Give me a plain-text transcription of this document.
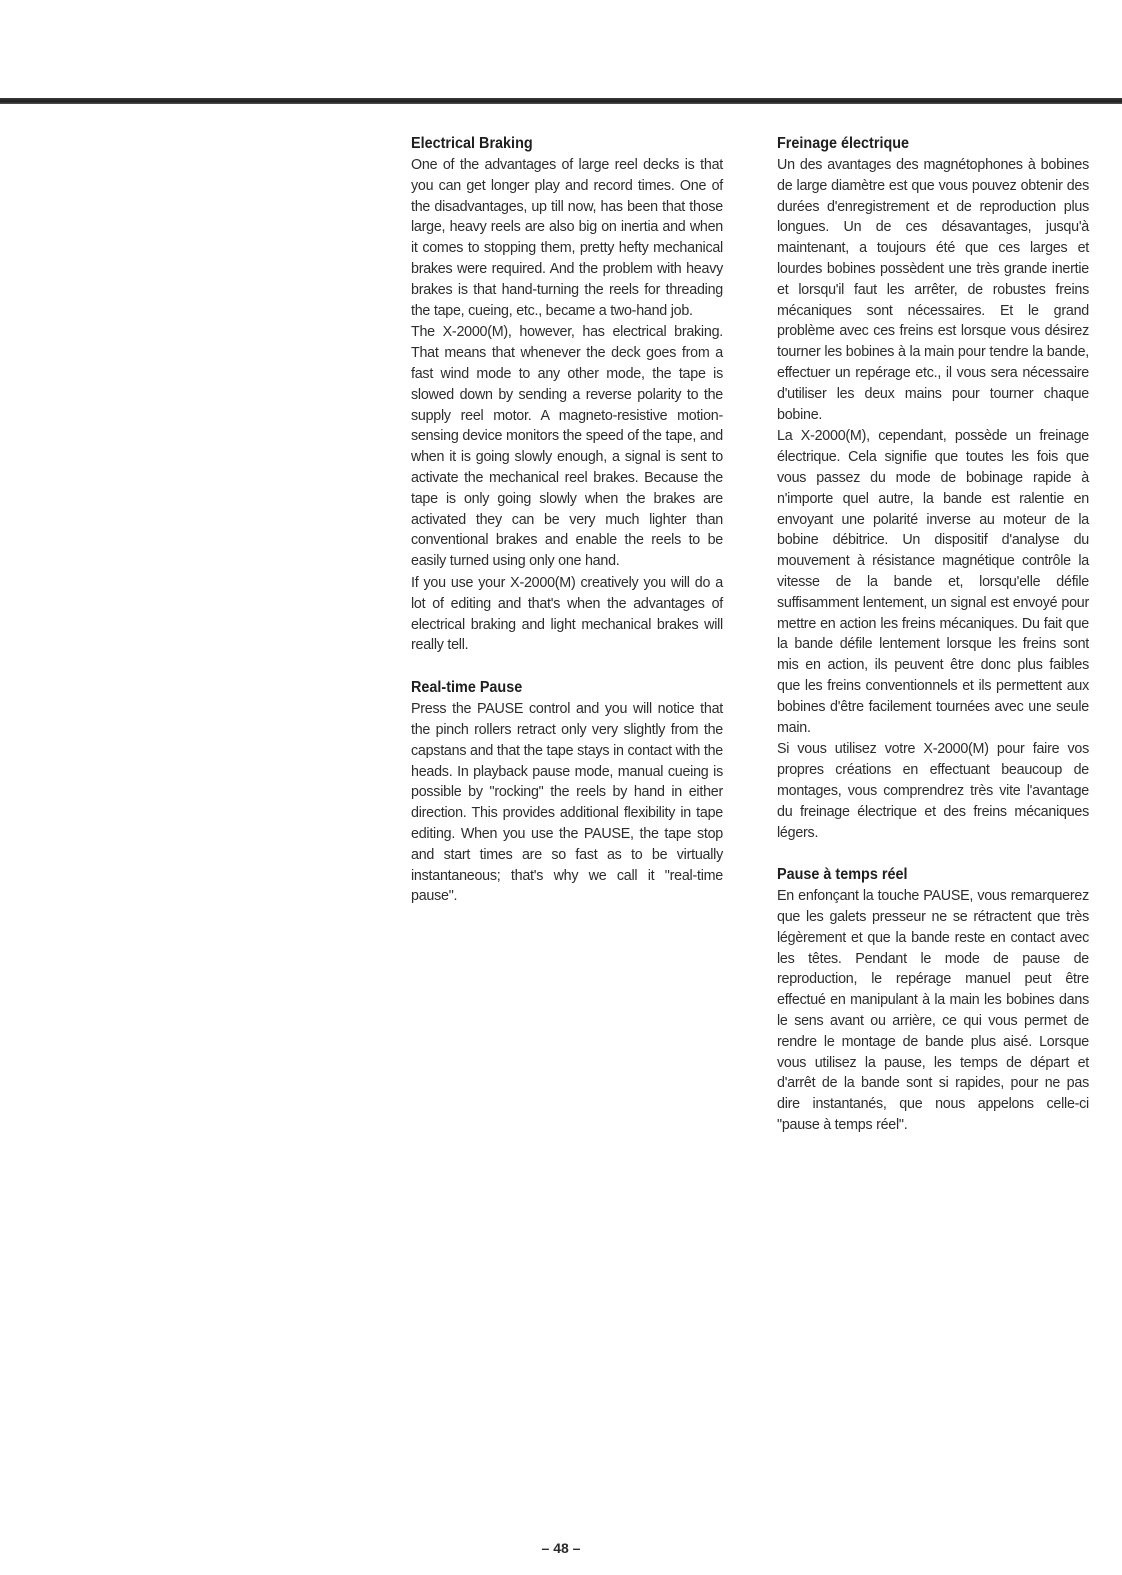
Electrical Braking

One of the advantages of large reel decks is that you can get longer play and record times. One of the disadvantages, up till now, has been that those large, heavy reels are also big on inertia and when it comes to stopping them, pretty hefty mechanical brakes were required. And the problem with heavy brakes is that hand-turning the reels for threading the tape, cueing, etc., became a two-hand job.

The X-2000(M), however, has electrical braking. That means that whenever the deck goes from a fast wind mode to any other mode, the tape is slowed down by sending a reverse polarity to the supply reel motor. A magneto-resistive motion-sensing device monitors the speed of the tape, and when it is going slowly enough, a signal is sent to activate the mechanical reel brakes. Because the tape is only going slowly when the brakes are activated they can be very much lighter than conventional brakes and enable the reels to be easily turned using only one hand.

If you use your X-2000(M) creatively you will do a lot of editing and that's when the advantages of electrical braking and light mechanical brakes will really tell.

Real-time Pause

Press the PAUSE control and you will notice that the pinch rollers retract only very slightly from the capstans and that the tape stays in contact with the heads. In playback pause mode, manual cueing is possible by "rocking" the reels by hand in either direction. This provides additional flexibility in tape editing. When you use the PAUSE, the tape stop and start times are so fast as to be virtually instantaneous; that's why we call it "real-time pause".

Freinage électrique

Un des avantages des magnétophones à bobines de large diamètre est que vous pouvez obtenir des durées d'enregistrement et de reproduction plus longues. Un de ces désavantages, jusqu'à maintenant, a toujours été que ces larges et lourdes bobines possèdent une très grande inertie et lorsqu'il faut les arrêter, de robustes freins mécaniques sont nécessaires. Et le grand problème avec ces freins est lorsque vous désirez tourner les bobines à la main pour tendre la bande, effectuer un repérage etc., il vous sera nécessaire d'utiliser les deux mains pour tourner chaque bobine.

La X-2000(M), cependant, possède un freinage électrique. Cela signifie que toutes les fois que vous passez du mode de bobinage rapide à n'importe quel autre, la bande est ralentie en envoyant une polarité inverse au moteur de la bobine débitrice. Un dispositif d'analyse du mouvement à résistance magnétique contrôle la vitesse de la bande et, lorsqu'elle défile suffisamment lentement, un signal est envoyé pour mettre en action les freins mécaniques. Du fait que la bande défile lentement lorsque les freins sont mis en action, ils peuvent être donc plus faibles que les freins conventionnels et ils permettent aux bobines d'être facilement tournées avec une seule main.

Si vous utilisez votre X-2000(M) pour faire vos propres créations en effectuant beaucoup de montages, vous comprendrez très vite l'avantage du freinage électrique et des freins mécaniques légers.

Pause à temps réel

En enfonçant la touche PAUSE, vous remarquerez que les galets presseur ne se rétractent que très légèrement et que la bande reste en contact avec les têtes. Pendant le mode de pause de reproduction, le repérage manuel peut être effectué en manipulant à la main les bobines dans le sens avant ou arrière, ce qui vous permet de rendre le montage de bande plus aisé. Lorsque vous utilisez la pause, les temps de départ et d'arrêt de la bande sont si rapides, pour ne pas dire instantanés, que nous appelons celle-ci "pause à temps réel".

– 48 –
